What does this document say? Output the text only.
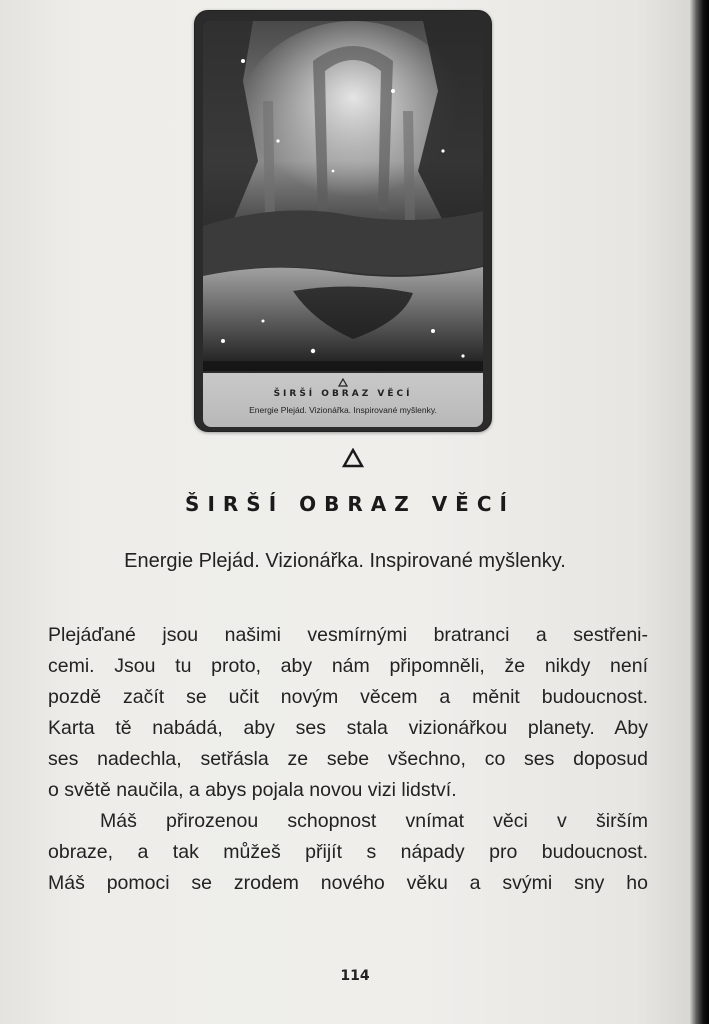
ŠIRŠÍ OBRAZ VĚCÍ
Energie Plejád. Vizionářka. Inspirované myšlenky.
ŠIRŠÍ OBRAZ VĚCÍ
Energie Plejád. Vizionářka. Inspirované myšlenky.
Plejáďané jsou našimi vesmírnými bratranci a sestřeni-
cemi. Jsou tu proto, aby nám připomněli, že nikdy není
pozdě začít se učit novým věcem a měnit budoucnost.
Karta tě nabádá, aby ses stala vizionářkou planety. Aby
ses nadechla, setřásla ze sebe všechno, co ses doposud
o světě naučila, a abys pojala novou vizi lidství.
Máš přirozenou schopnost vnímat věci v širším
obraze, a tak můžeš přijít s nápady pro budoucnost.
Máš pomoci se zrodem nového věku a svými sny ho
114
